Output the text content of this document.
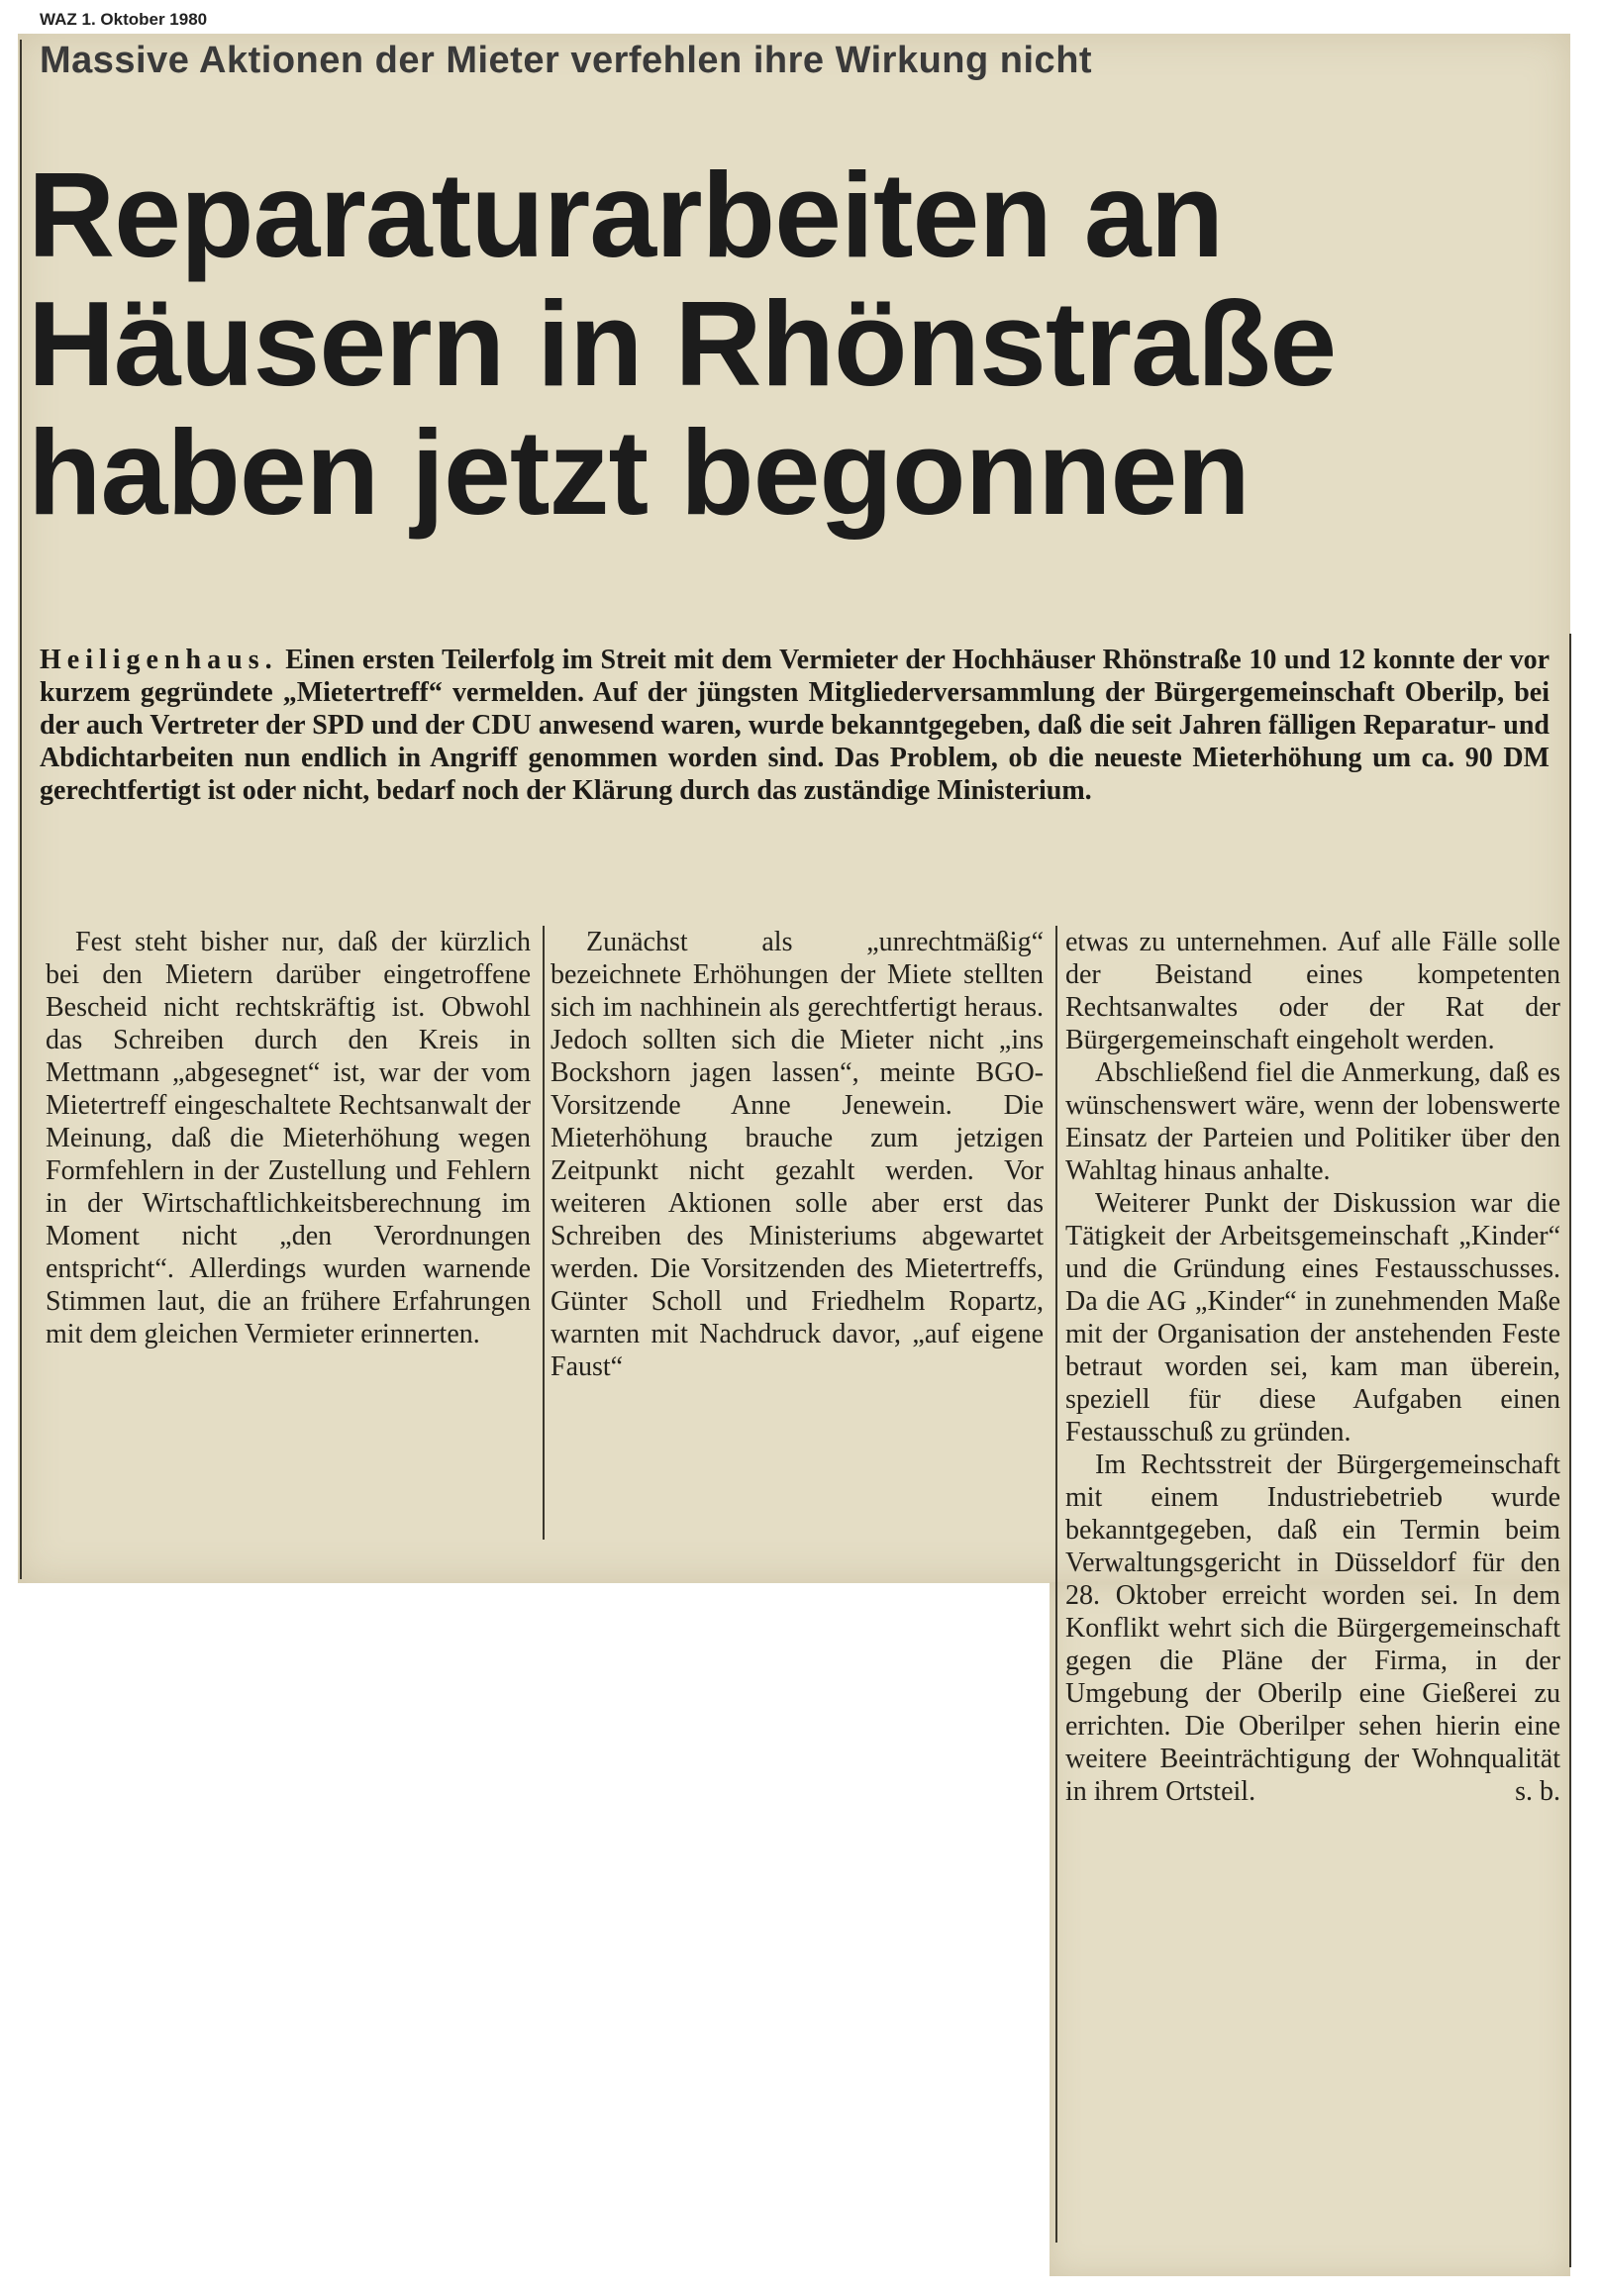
WAZ 1. Oktober 1980
Massive Aktionen der Mieter verfehlen ihre Wirkung nicht
Reparaturarbeiten an
Häusern in Rhönstraße
haben jetzt begonnen
Heiligenhaus. Einen ersten Teilerfolg im Streit mit dem Vermieter der Hochhäuser Rhönstraße 10 und 12 konnte der vor kurzem gegründete „Mietertreff“ vermelden. Auf der jüngsten Mitgliederversammlung der Bürgergemeinschaft Oberilp, bei der auch Vertreter der SPD und der CDU anwesend waren, wurde bekanntgegeben, daß die seit Jahren fälligen Reparatur- und Abdichtarbeiten nun endlich in Angriff genommen worden sind. Das Problem, ob die neueste Mieterhöhung um ca. 90 DM gerechtfertigt ist oder nicht, bedarf noch der Klärung durch das zuständige Ministerium.

Fest steht bisher nur, daß der kürzlich bei den Mietern darüber eingetroffene Bescheid nicht rechtskräftig ist. Obwohl das Schreiben durch den Kreis in Mettmann „abgesegnet“ ist, war der vom Mietertreff eingeschaltete Rechtsanwalt der Meinung, daß die Mieterhöhung wegen Formfehlern in der Zustellung und Fehlern in der Wirtschaftlichkeitsberechnung im Moment nicht „den Verordnungen entspricht“. Allerdings wurden warnende Stimmen laut, die an frühere Erfahrungen mit dem gleichen Vermieter erinnerten.

Zunächst als „unrechtmäßig“ bezeichnete Erhöhungen der Miete stellten sich im nachhinein als gerechtfertigt heraus. Jedoch sollten sich die Mieter nicht „ins Bockshorn jagen lassen“, meinte BGO-Vorsitzende Anne Jenewein. Die Mieterhöhung brauche zum jetzigen Zeitpunkt nicht gezahlt werden. Vor weiteren Aktionen solle aber erst das Schreiben des Ministeriums abgewartet werden. Die Vorsitzenden des Mietertreffs, Günter Scholl und Friedhelm Ropartz, warnten mit Nachdruck davor, „auf eigene Faust“

etwas zu unternehmen. Auf alle Fälle solle der Beistand eines kompetenten Rechtsanwaltes oder der Rat der Bürgergemeinschaft eingeholt werden.

Abschließend fiel die Anmerkung, daß es wünschenswert wäre, wenn der lobenswerte Einsatz der Parteien und Politiker über den Wahltag hinaus anhalte.

Weiterer Punkt der Diskussion war die Tätigkeit der Arbeitsgemeinschaft „Kinder“ und die Gründung eines Festausschusses. Da die AG „Kinder“ in zunehmenden Maße mit der Organisation der anstehenden Feste betraut worden sei, kam man überein, speziell für diese Aufgaben einen Festausschuß zu gründen.

Im Rechtsstreit der Bürgergemeinschaft mit einem Industriebetrieb wurde bekanntgegeben, daß ein Termin beim Verwaltungsgericht in Düsseldorf für den 28. Oktober erreicht worden sei. In dem Konflikt wehrt sich die Bürgergemeinschaft gegen die Pläne der Firma, in der Umgebung der Oberilp eine Gießerei zu errichten. Die Oberilper sehen hierin eine weitere Beeinträchtigung der Wohnqualität in ihrem Ortsteil.	s. b.
